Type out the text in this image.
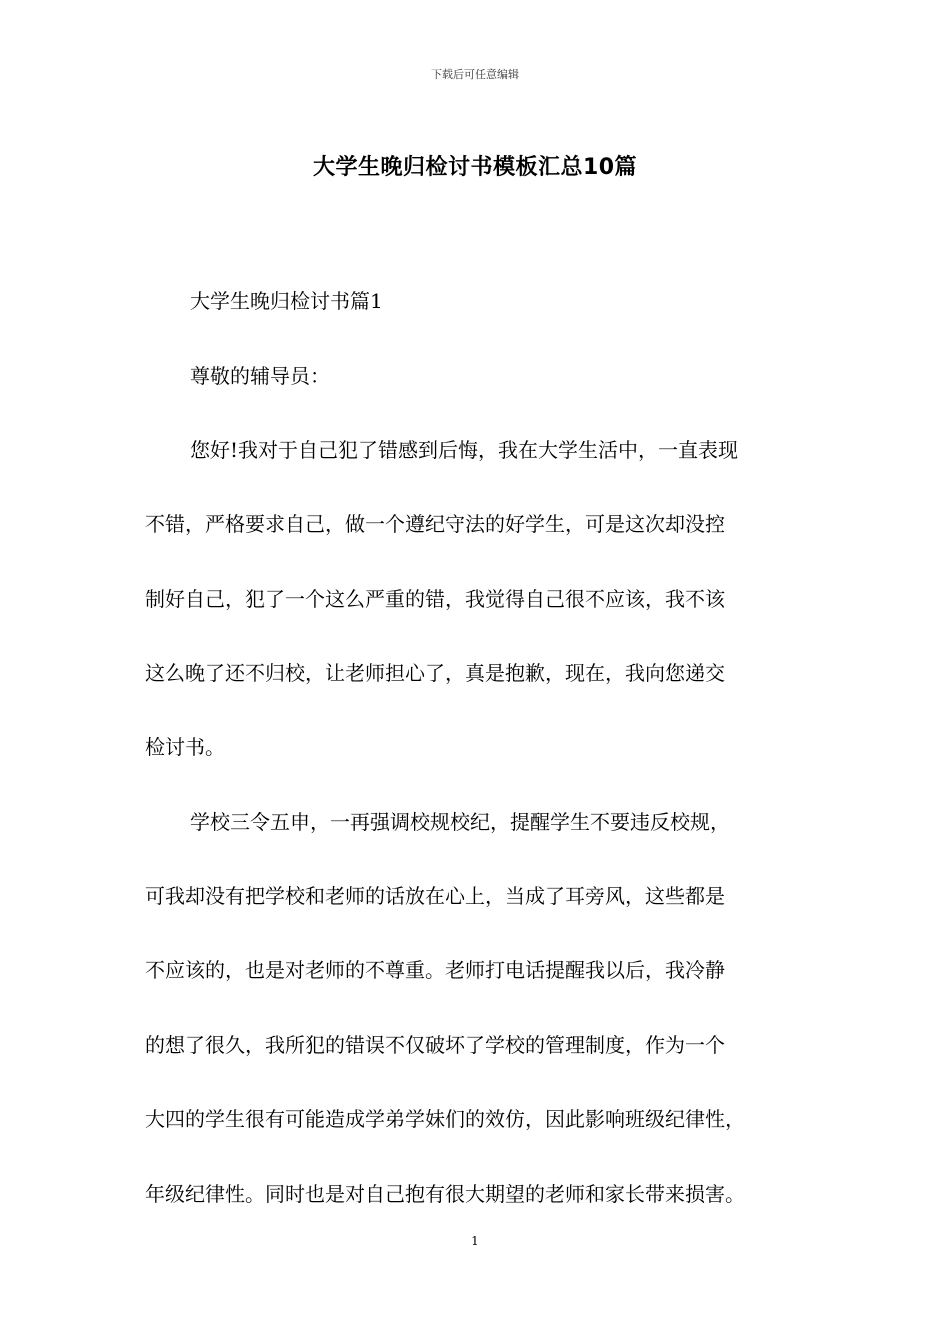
下载后可任意编辑
大学生晚归检讨书模板汇总10篇
大学生晚归检讨书篇1
尊敬的辅导员：
您好!我对于自己犯了错感到后悔，我在大学生活中，一直表现
不错，严格要求自己，做一个遵纪守法的好学生，可是这次却没控
制好自己，犯了一个这么严重的错，我觉得自己很不应该，我不该
这么晚了还不归校，让老师担心了，真是抱歉，现在，我向您递交
检讨书。
学校三令五申，一再强调校规校纪，提醒学生不要违反校规，
可我却没有把学校和老师的话放在心上，当成了耳旁风，这些都是
不应该的，也是对老师的不尊重。老师打电话提醒我以后，我冷静
的想了很久，我所犯的错误不仅破坏了学校的管理制度，作为一个
大四的学生很有可能造成学弟学妹们的效仿，因此影响班级纪律性，
年级纪律性。同时也是对自己抱有很大期望的老师和家长带来损害。
1
